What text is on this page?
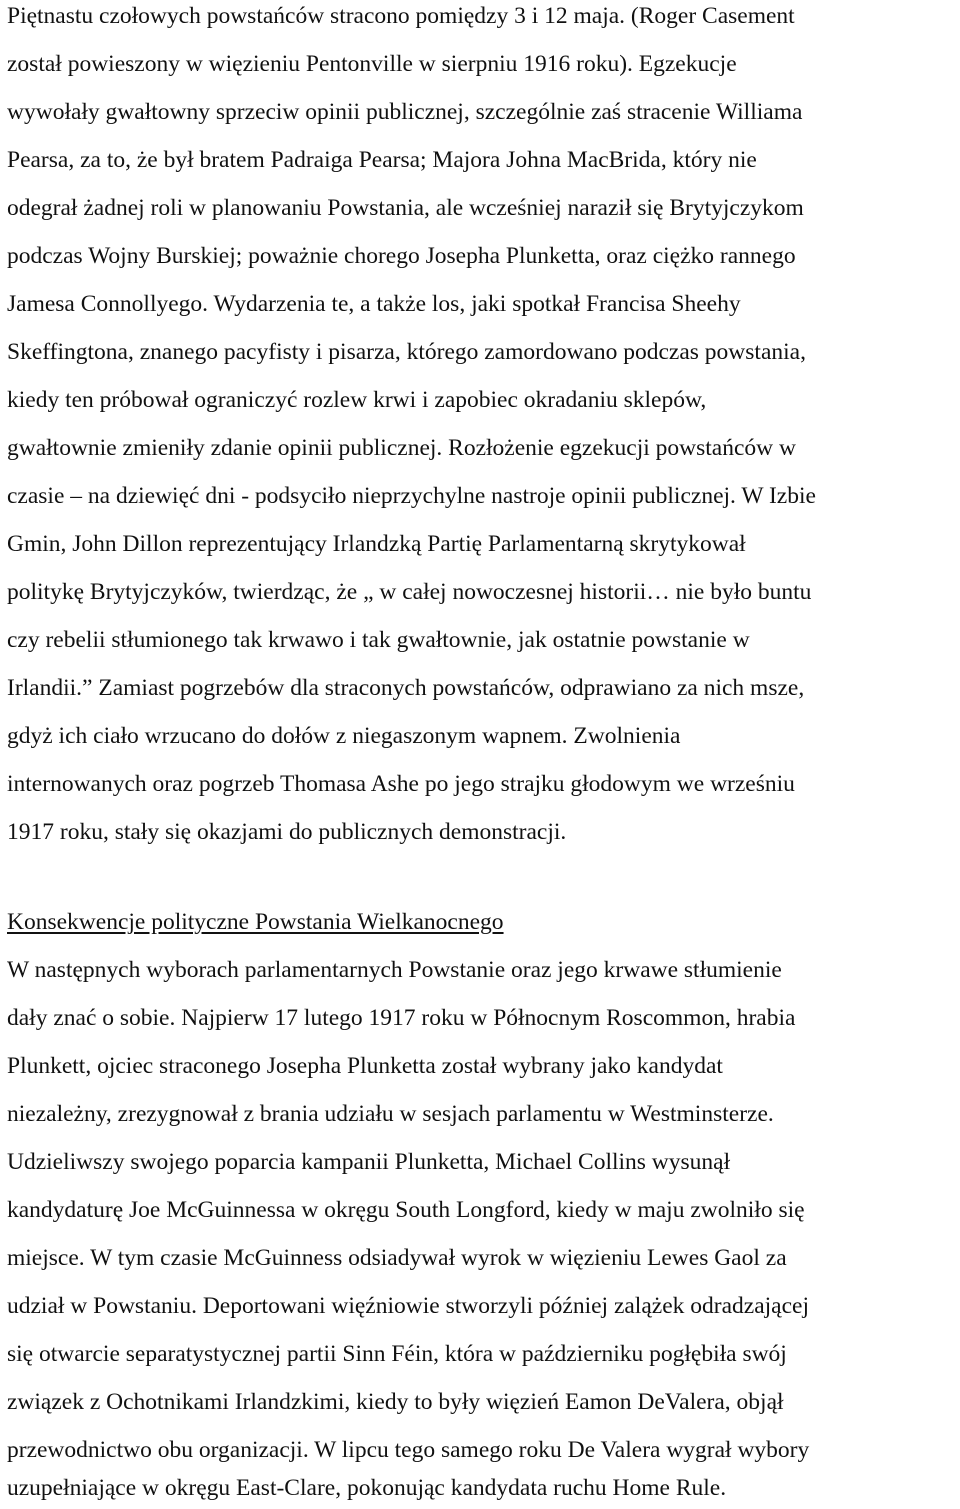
Piętnastu czołowych powstańców stracono pomiędzy 3 i 12 maja. (Roger Casement
został powieszony w więzieniu Pentonville w sierpniu 1916 roku). Egzekucje
wywołały gwałtowny sprzeciw opinii publicznej, szczególnie zaś stracenie Williama
Pearsa, za to, że był bratem Padraiga Pearsa; Majora Johna MacBrida, który nie
odegrał żadnej roli w planowaniu Powstania, ale wcześniej naraził się Brytyjczykom
podczas Wojny Burskiej; poważnie chorego Josepha Plunketta, oraz ciężko rannego
Jamesa Connollyego. Wydarzenia te, a także los, jaki spotkał Francisa Sheehy
Skeffingtona, znanego pacyfisty i pisarza, którego zamordowano podczas powstania,
kiedy ten próbował ograniczyć rozlew krwi i zapobiec okradaniu sklepów,
gwałtownie zmieniły zdanie opinii publicznej. Rozłożenie egzekucji powstańców w
czasie – na dziewięć dni - podsyciło nieprzychylne nastroje opinii publicznej. W Izbie
Gmin, John Dillon reprezentujący Irlandzką Partię Parlamentarną skrytykował
politykę Brytyjczyków, twierdząc, że „ w całej nowoczesnej historii… nie było buntu
czy rebelii stłumionego tak krwawo i tak gwałtownie, jak ostatnie powstanie w
Irlandii.” Zamiast pogrzebów dla straconych powstańców, odprawiano za nich msze,
gdyż ich ciało wrzucano do dołów z niegaszonym wapnem. Zwolnienia
internowanych oraz pogrzeb Thomasa Ashe po jego strajku głodowym we wrześniu
1917 roku, stały się okazjami do publicznych demonstracji.
Konsekwencje polityczne Powstania Wielkanocnego
W następnych wyborach parlamentarnych Powstanie oraz jego krwawe stłumienie
dały znać o sobie. Najpierw 17 lutego 1917 roku w Północnym Roscommon, hrabia
Plunkett, ojciec straconego Josepha Plunketta został wybrany jako kandydat
niezależny, zrezygnował z brania udziału w sesjach parlamentu w Westminsterze.
Udzieliwszy swojego poparcia kampanii Plunketta, Michael Collins wysunął
kandydaturę Joe McGuinnessa w okręgu South Longford, kiedy w maju zwolniło się
miejsce. W tym czasie McGuinness odsiadywał wyrok w więzieniu Lewes Gaol za
udział w Powstaniu. Deportowani więźniowie stworzyli później zalążek odradzającej
się otwarcie separatystycznej partii Sinn Féin, która w październiku pogłębiła swój
związek z Ochotnikami Irlandzkimi, kiedy to były więzień Eamon DeValera, objął
przewodnictwo obu organizacji. W lipcu tego samego roku De Valera wygrał wybory
uzupełniające w okręgu East-Clare, pokonując kandydata ruchu Home Rule.
